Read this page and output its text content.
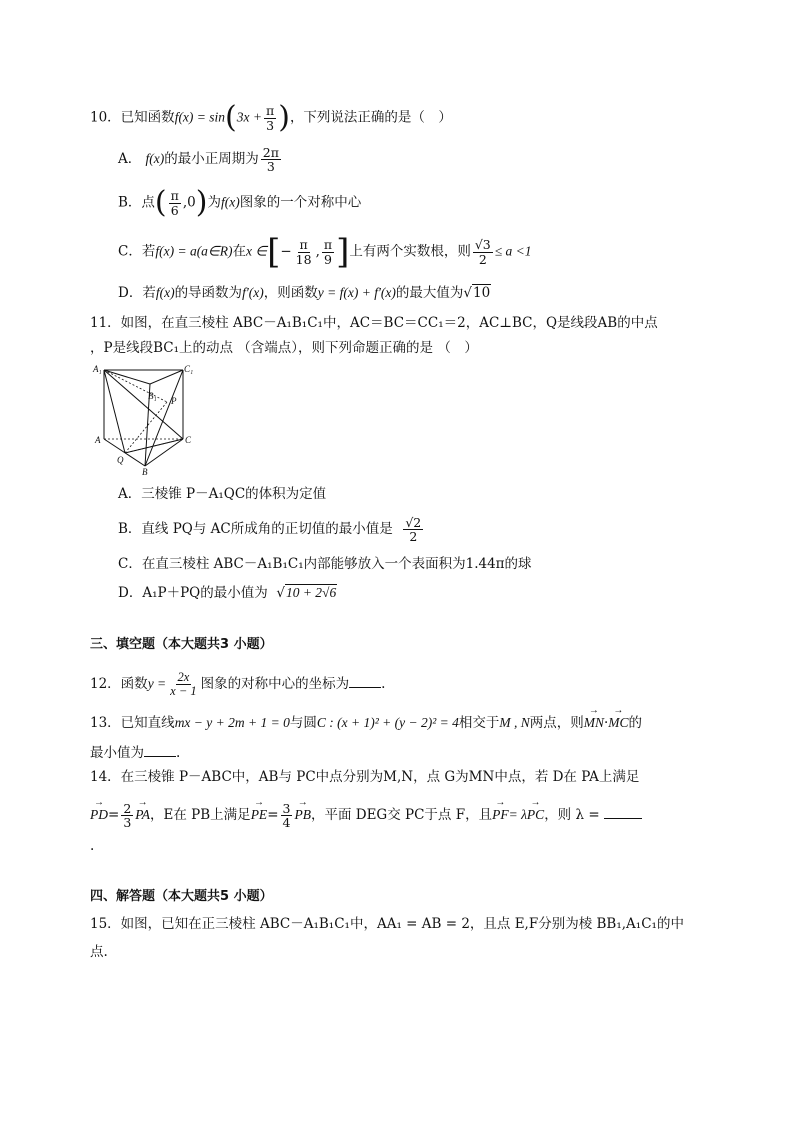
10．已知函数$f(x) = \sin(3x + \frac{\pi}{3}$ )，下列说法正确的是（　）
A． f(x)的最小正周期为 $\frac{2\pi}{3}$
B．点( $\frac{\pi}{6} ,0$)为f(x)图象的一个对称中心
C．若f(x) = a(a∈R)在x ∈[− $\frac{\pi}{18}$ , $\frac{\pi}{9}$ ]上有两个实数根，则 $\frac{√3}{2} \le a <1$
D．若f(x)的导函数为f′(x)，则函数y = f(x) + f′(x)的最大值为√10
11．如图，在直三棱柱 ABC－A₁B₁C₁中，AC＝BC＝CC₁＝2，AC⊥BC，Q是线段AB的中点
，P是线段BC₁上的动点 （含端点），则下列命题正确的是 （　）
A₁	C₁
B₁ P
A	C
Q
B
A．三棱锥 P－A₁QC的体积为定值
B．直线 PQ与 AC所成角的正切值的最小值是 $\frac{√2}{2}$
C．在直三棱柱 ABC－A₁B₁C₁内部能够放入一个表面积为1.44π的球
D．A₁P＋PQ的最小值为 √10 + 2√6
三、填空题（本大题共3 小题）
12．函数$y = \frac{2x}{x - 1}$ 图象的对称中心的坐标为 .
13．已知直线mx − y + 2m + 1 = 0与圆C : (x + 1)² + (y − 2)² = 4相交于M , N两点，则→ MN·→ MC的
最小值为 .
14．在三棱锥 P－ABC中，AB与 PC中点分别为M,N，点 G为MN中点，若 D在 PA上满足
→ $PD= \frac{2}{3}$ → PA，E在 PB上满足→ $PE= \frac{3}{4}$ → PB，平面 DEG交 PC于点 F，且→ PF= λ→ PC，则 λ =
.
四、解答题（本大题共5 小题）
15．如图，已知在正三棱柱 ABC－A₁B₁C₁中，AA₁ = AB = 2，且点 E,F分别为棱 BB₁,A₁C₁的中
点.
